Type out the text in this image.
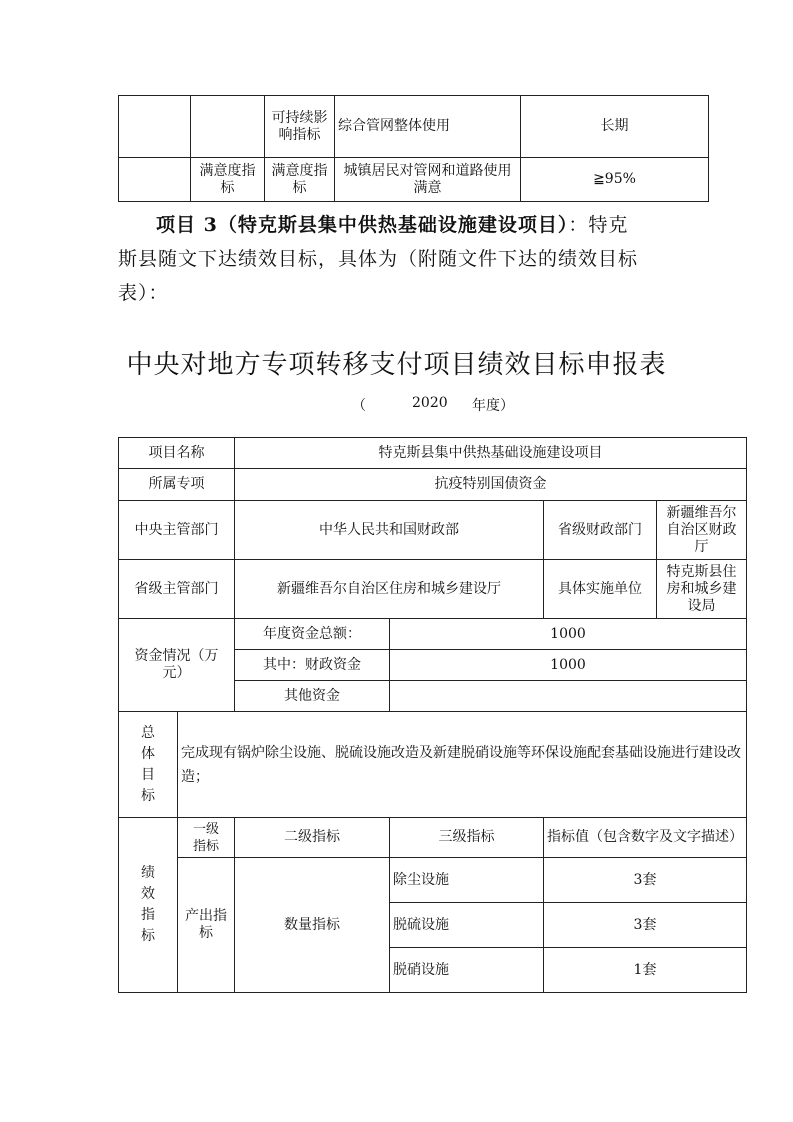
		可持续影响指标	综合管网整体使用	长期
	满意度指标	满意度指标	城镇居民对管网和道路使用满意	≧95%
项目 3（特克斯县集中供热基础设施建设项目）：特克
斯县随文下达绩效目标，具体为（附随文件下达的绩效目标
表）：
中央对地方专项转移支付项目绩效目标申报表
（	2020 年度）
项目名称		特克斯县集中供热基础设施建设项目			
所属专项		抗疫特别国债资金			
中央主管部门		中华人民共和国财政部		省级财政部门	新疆维吾尔自治区财政厅
省级主管部门		新疆维吾尔自治区住房和城乡建设厅		具体实施单位	特克斯县住房和城乡建设局

资金情况（万元）		年度资金总额：	1000		
		其中：财政资金	1000		
		其他资金			

总体目标	完成现有锅炉除尘设施、脱硫设施改造及新建脱硝设施等环保设施配套基础设施进行建设改造；				

绩效指标	一级指标	二级指标	三级指标	指标值（包含数字及文字描述）	

	产出指标	数量指标	除尘设施	3套	
			脱硫设施	3套	
			脱硝设施	1套	
